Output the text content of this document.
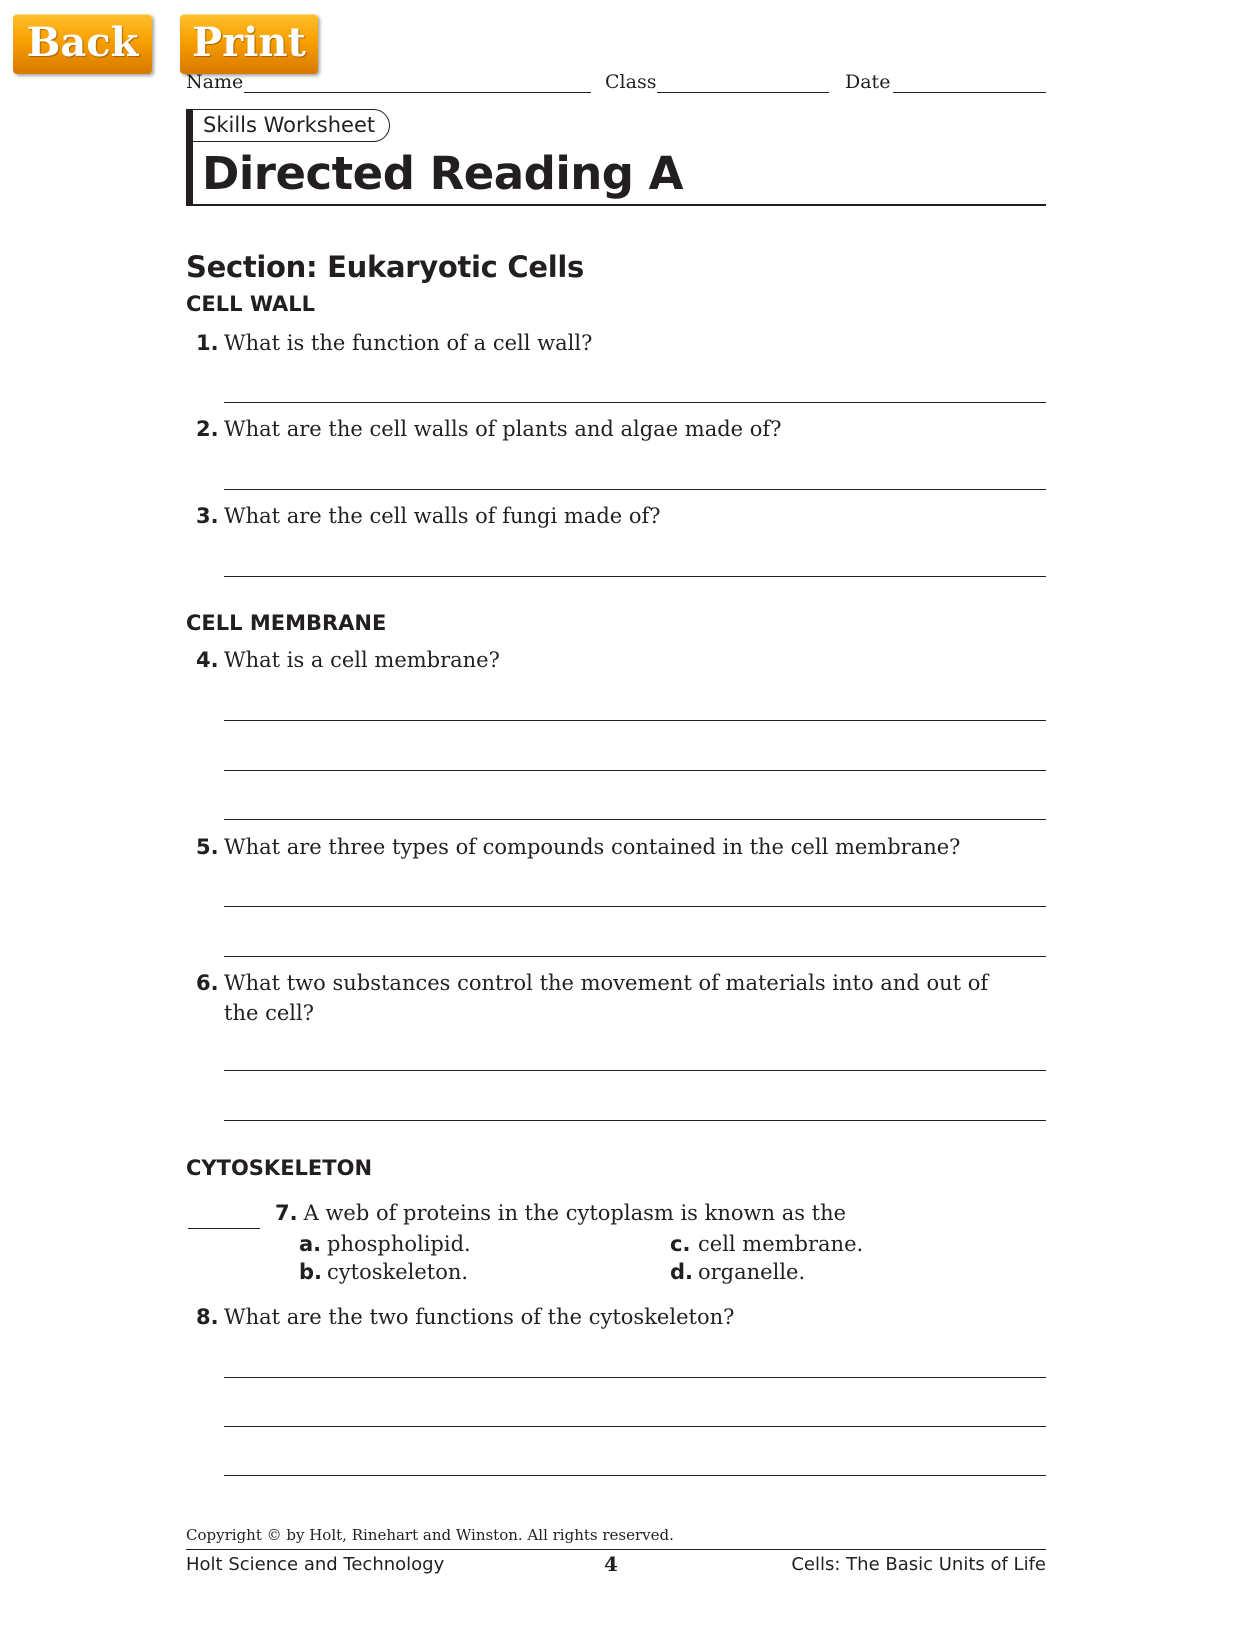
Back	Print
Name	Class	Date
Skills Worksheet
Directed Reading A
Section: Eukaryotic Cells
CELL WALL
1. What is the function of a cell wall?
2. What are the cell walls of plants and algae made of?
3. What are the cell walls of fungi made of?
CELL MEMBRANE
4. What is a cell membrane?
5. What are three types of compounds contained in the cell membrane?
6. What two substances control the movement of materials into and out of
the cell?
CYTOSKELETON
7. A web of proteins in the cytoplasm is known as the
a. phospholipid.
b. cytoskeleton.
c. cell membrane.
d. organelle.
8. What are the two functions of the cytoskeleton?
Copyright © by Holt, Rinehart and Winston. All rights reserved.
Holt Science and Technology	4	Cells: The Basic Units of Life
